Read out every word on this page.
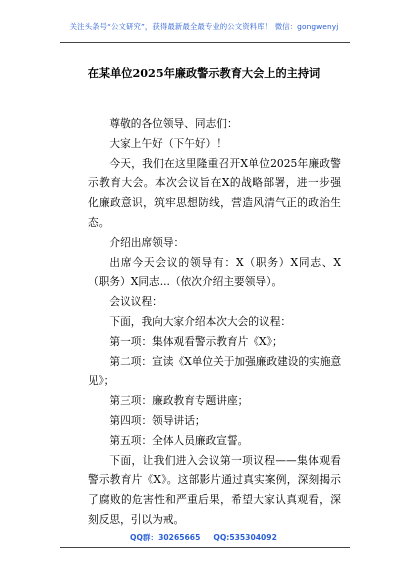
关注头条号“公文研究”，获得最新最全最专业的公文资料库！ 微信：gongwenyj
在某单位2025年廉政警示教育大会上的主持词

尊敬的各位领导、同志们：

大家上午好（下午好）！

今天，我们在这里隆重召开X单位2025年廉政警示教育大会。本次会议旨在X的战略部署，进一步强化廉政意识，筑牢思想防线，营造风清气正的政治生态。

介绍出席领导：

出席今天会议的领导有：X（职务）X同志、X（职务）X同志...（依次介绍主要领导）。

会议议程：

下面，我向大家介绍本次大会的议程：

第一项：集体观看警示教育片《X》；

第二项：宣读《X单位关于加强廉政建设的实施意见》；

第三项：廉政教育专题讲座；

第四项：领导讲话；

第五项：全体人员廉政宣誓。

下面，让我们进入会议第一项议程——集体观看警示教育片《X》。这部影片通过真实案例，深刻揭示了腐败的危害性和严重后果，希望大家认真观看，深刻反思，引以为戒。

QQ群：30265665 QQ:535304092
